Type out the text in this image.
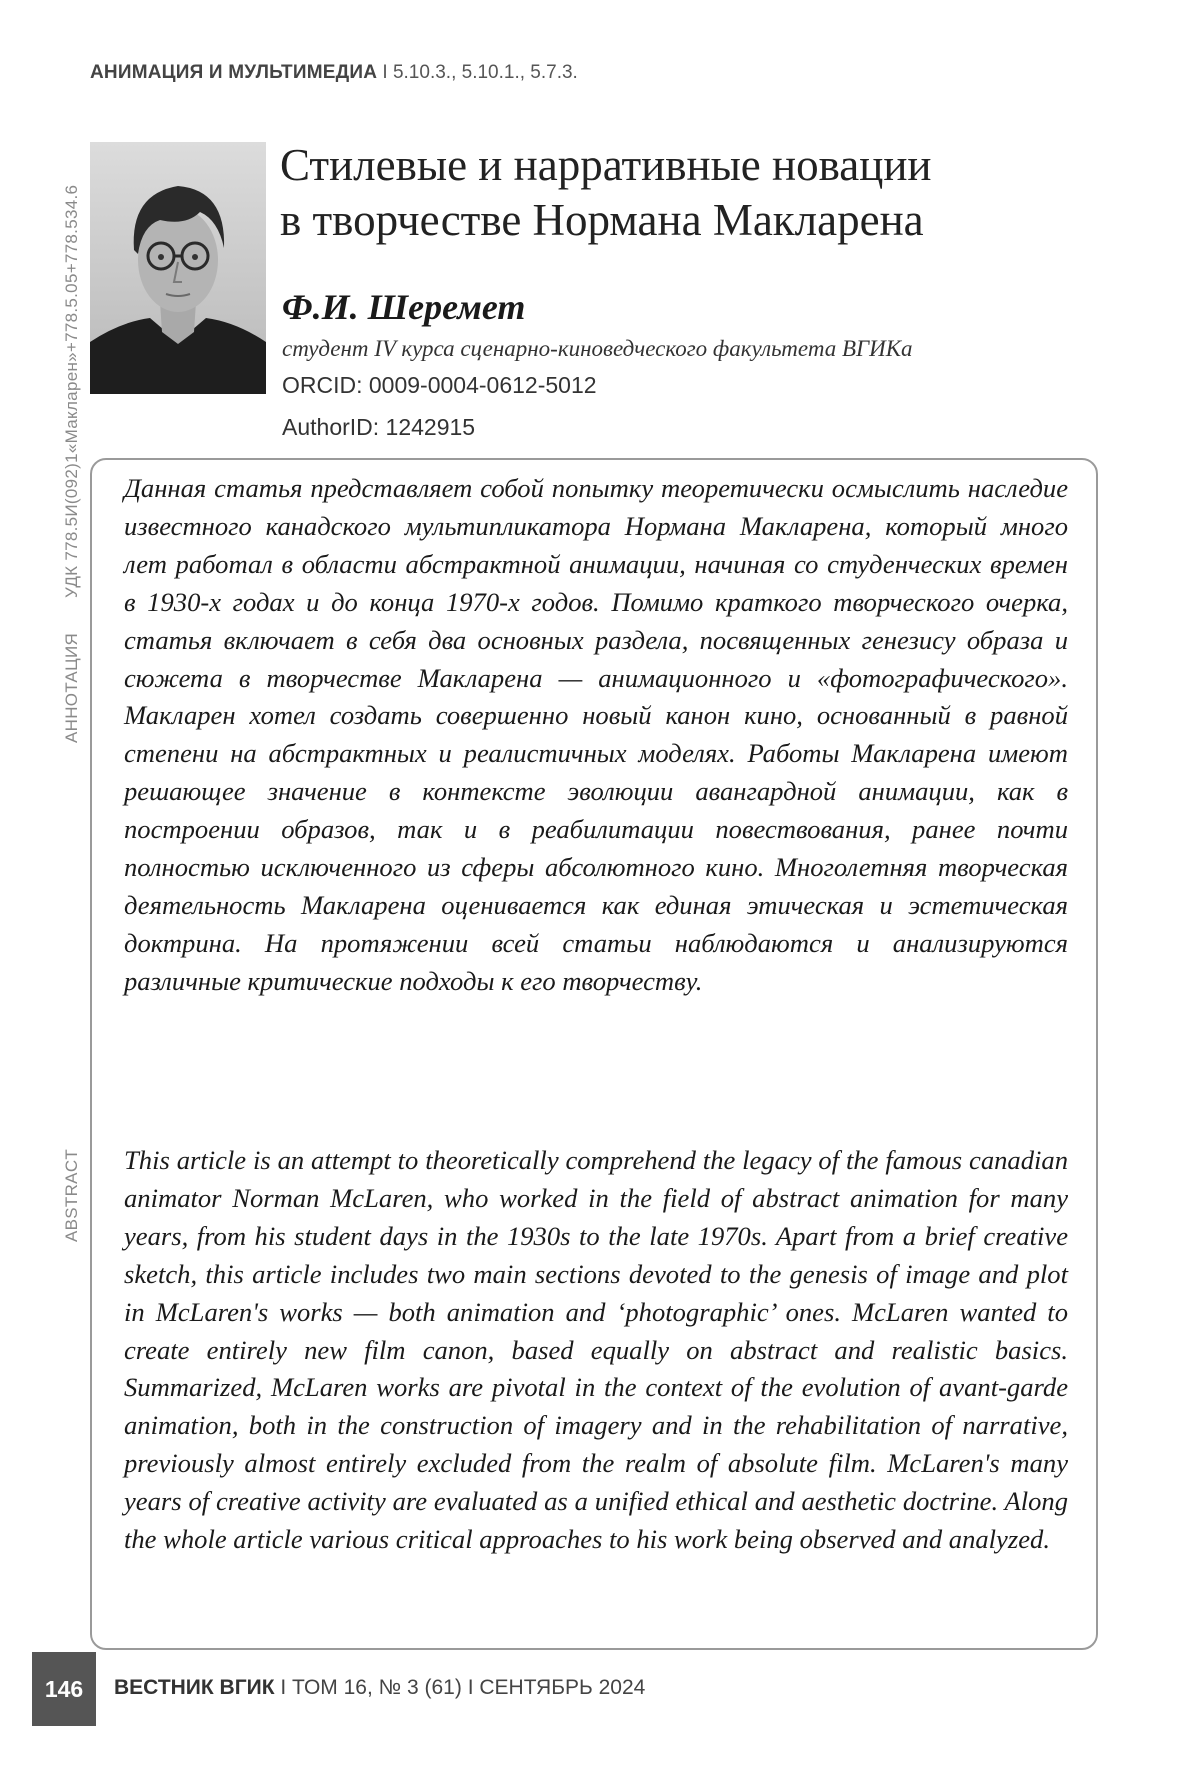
АНИМАЦИЯ И МУЛЬТИМЕДИА I 5.10.3., 5.10.1., 5.7.3.
УДК 778.5И(092)1«Макларен»+778.5.05+778.534.6
АННОТАЦИЯ
ABSTRACT
Стилевые и нарративные новации
в творчестве Нормана Макларена
Ф.И. Шеремет
студент IV курса сценарно-киноведческого факультета ВГИКа
ORCID: 0009-0004-0612-5012
AuthorID: 1242915
Данная статья представляет собой попытку теоретически осмыслить наследие известного канадского мультипликатора Нормана Макларена, который много лет работал в области абстрактной анимации, начиная со студенческих времен в 1930-х годах и до конца 1970-х годов. Помимо краткого творческого очерка, статья включает в себя два основных раздела, посвященных генезису образа и сюжета в творчестве Макларена — анимационного и «фотографического». Макларен хотел создать совершенно новый канон кино, основанный в равной степени на абстрактных и реалистичных моделях. Работы Макларена имеют решающее значение в контексте эволюции авангардной анимации, как в построении образов, так и в реабилитации повествования, ранее почти полностью исключенного из сферы абсолютного кино. Многолетняя творческая деятельность Макларена оценивается как единая этическая и эстетическая доктрина. На протяжении всей статьи наблюдаются и анализируются различные критические подходы к его творчеству.
This article is an attempt to theoretically comprehend the legacy of the famous canadian animator Norman McLaren, who worked in the field of abstract animation for many years, from his student days in the 1930s to the late 1970s. Apart from a brief creative sketch, this article includes two main sections devoted to the genesis of image and plot in McLaren's works — both animation and ‘photographic’ ones. McLaren wanted to create entirely new film canon, based equally on abstract and realistic basics. Summarized, McLaren works are pivotal in the context of the evolution of avant-garde animation, both in the construction of imagery and in the rehabilitation of narrative, previously almost entirely excluded from the realm of absolute film. McLaren's many years of creative activity are evaluated as a unified ethical and aesthetic doctrine. Along the whole article various critical approaches to his work being observed and analyzed.
146	ВЕСТНИК ВГИК I ТОМ 16, № 3 (61) I СЕНТЯБРЬ 2024
